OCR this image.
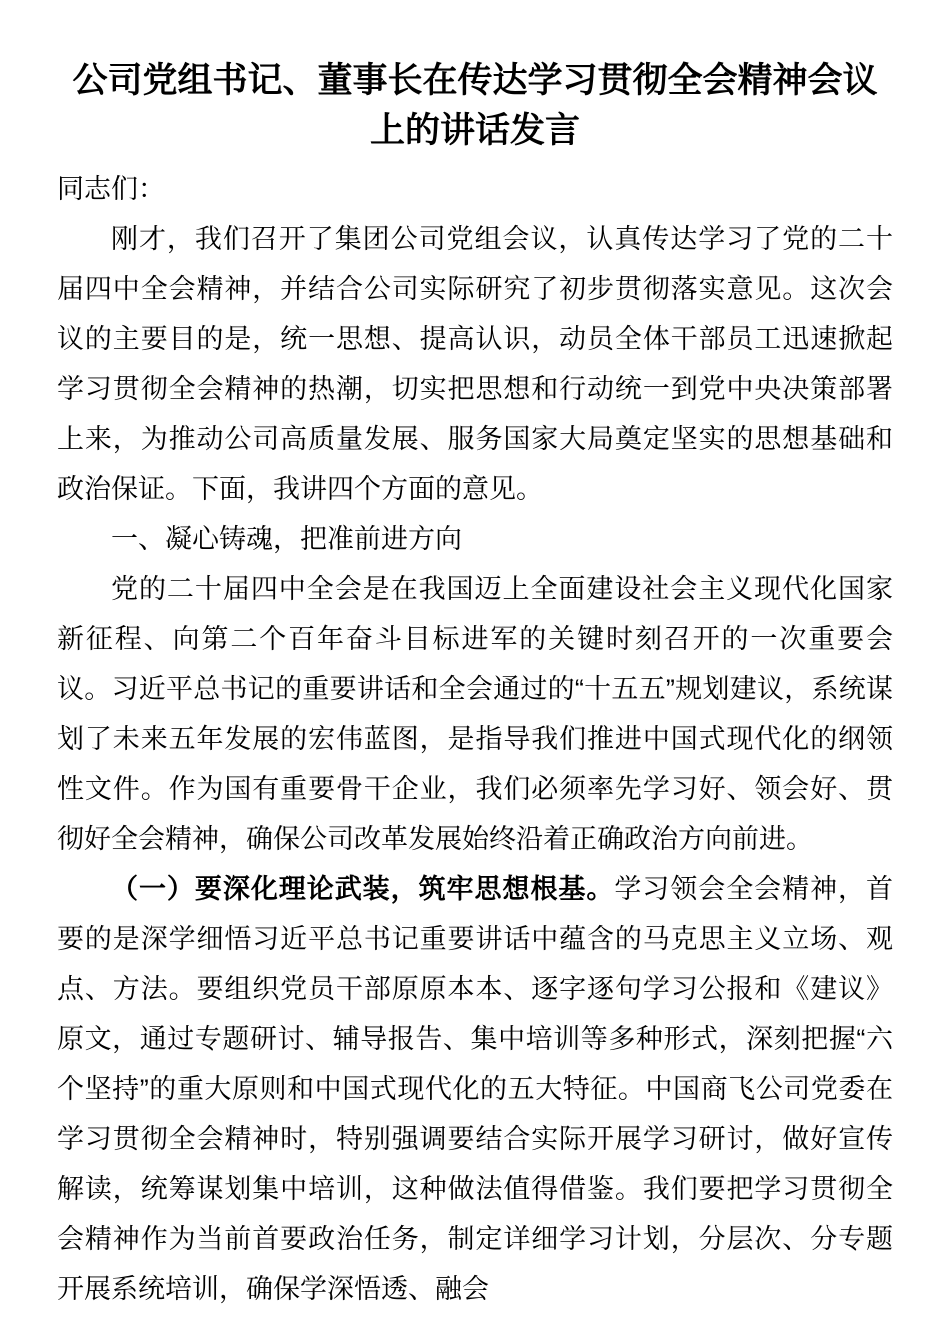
公司党组书记、董事长在传达学习贯彻全会精神会议上的讲话发言

同志们：

刚才，我们召开了集团公司党组会议，认真传达学习了党的二十届四中全会精神，并结合公司实际研究了初步贯彻落实意见。这次会议的主要目的是，统一思想、提高认识，动员全体干部员工迅速掀起学习贯彻全会精神的热潮，切实把思想和行动统一到党中央决策部署上来，为推动公司高质量发展、服务国家大局奠定坚实的思想基础和政治保证。下面，我讲四个方面的意见。

一、凝心铸魂，把准前进方向

党的二十届四中全会是在我国迈上全面建设社会主义现代化国家新征程、向第二个百年奋斗目标进军的关键时刻召开的一次重要会议。习近平总书记的重要讲话和全会通过的“十五五”规划建议，系统谋划了未来五年发展的宏伟蓝图，是指导我们推进中国式现代化的纲领性文件。作为国有重要骨干企业，我们必须率先学习好、领会好、贯彻好全会精神，确保公司改革发展始终沿着正确政治方向前进。

（一）要深化理论武装，筑牢思想根基。学习领会全会精神，首要的是深学细悟习近平总书记重要讲话中蕴含的马克思主义立场、观点、方法。要组织党员干部原原本本、逐字逐句学习公报和《建议》原文，通过专题研讨、辅导报告、集中培训等多种形式，深刻把握“六个坚持”的重大原则和中国式现代化的五大特征。中国商飞公司党委在学习贯彻全会精神时，特别强调要结合实际开展学习研讨，做好宣传解读，统筹谋划集中培训，这种做法值得借鉴。我们要把学习贯彻全会精神作为当前首要政治任务，制定详细学习计划，分层次、分专题开展系统培训，确保学深悟透、融会
